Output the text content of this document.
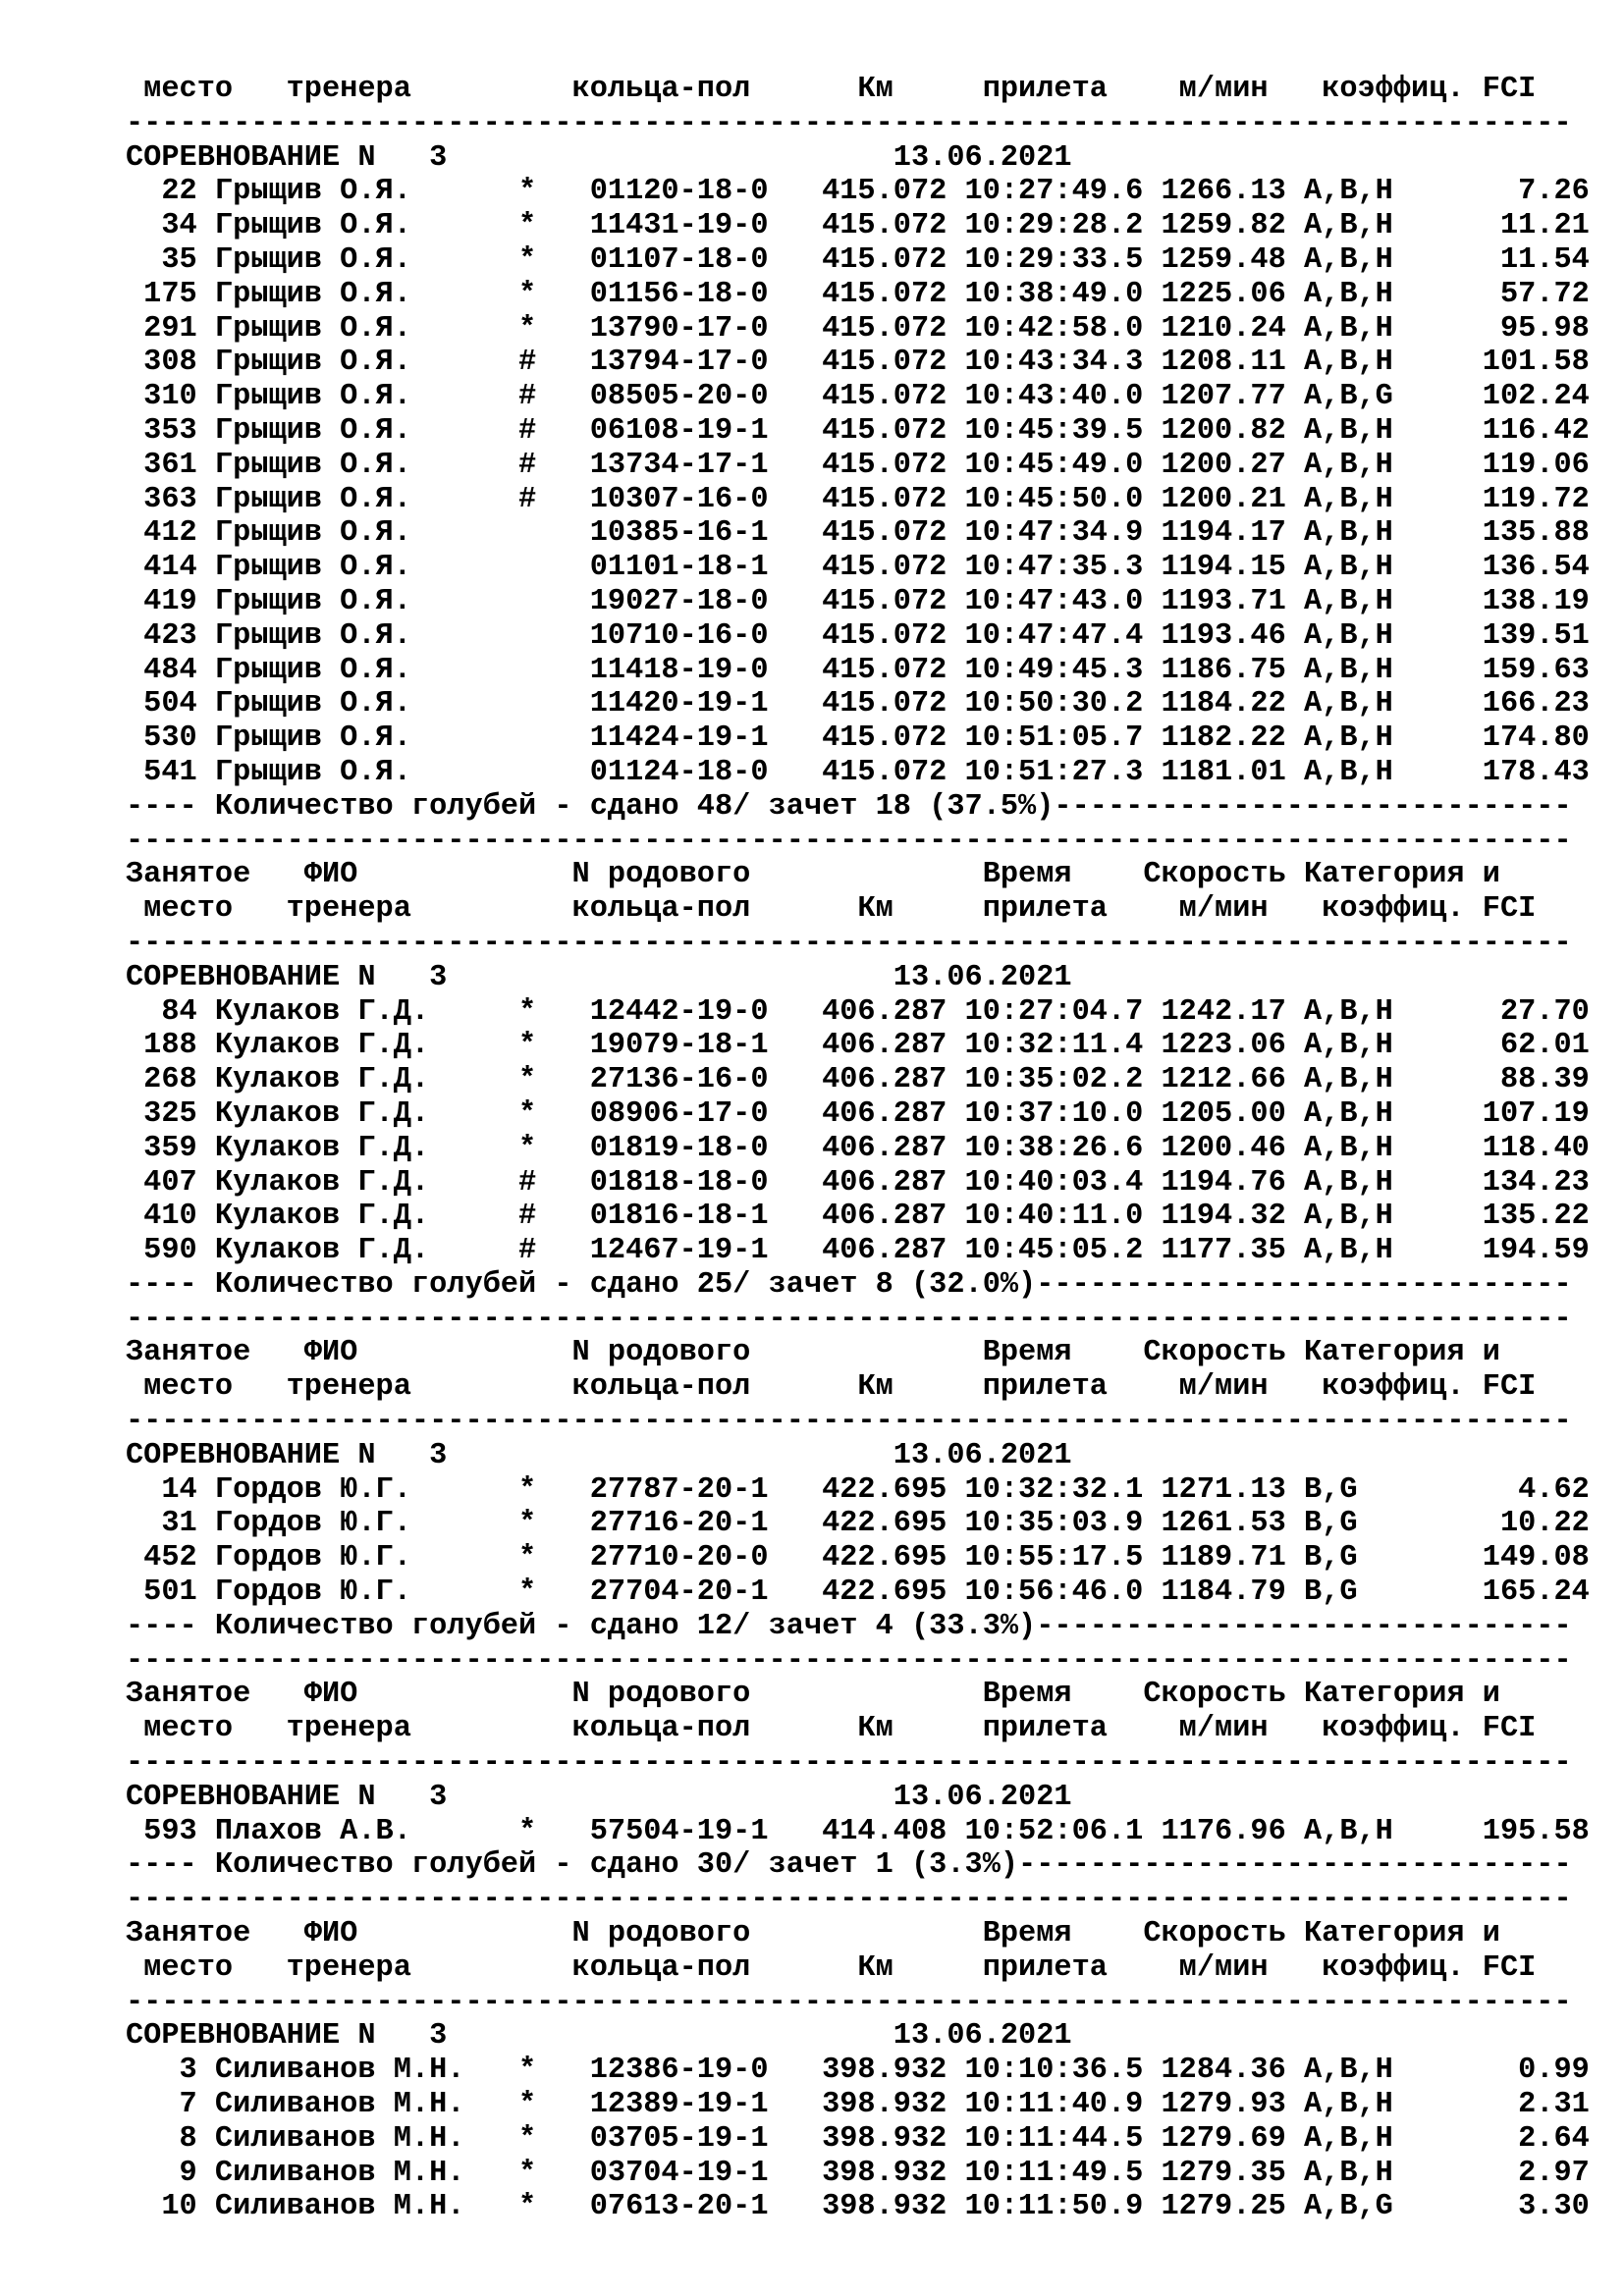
место   тренера         кольца-пол      Км     прилета    м/мин   коэффиц. FCI
---------------------------------------------------------------------------------
СОРЕВНОВАНИЕ N   3                         13.06.2021
22 Грыщив О.Я.      *   01120-18-0   415.072 10:27:49.6 1266.13 A,B,H       7.26
34 Грыщив О.Я.      *   11431-19-0   415.072 10:29:28.2 1259.82 A,B,H      11.21
35 Грыщив О.Я.      *   01107-18-0   415.072 10:29:33.5 1259.48 A,B,H      11.54
175 Грыщив О.Я.      *   01156-18-0   415.072 10:38:49.0 1225.06 A,B,H      57.72
291 Грыщив О.Я.      *   13790-17-0   415.072 10:42:58.0 1210.24 A,B,H      95.98
308 Грыщив О.Я.      #   13794-17-0   415.072 10:43:34.3 1208.11 A,B,H     101.58
310 Грыщив О.Я.      #   08505-20-0   415.072 10:43:40.0 1207.77 A,B,G     102.24
353 Грыщив О.Я.      #   06108-19-1   415.072 10:45:39.5 1200.82 A,B,H     116.42
361 Грыщив О.Я.      #   13734-17-1   415.072 10:45:49.0 1200.27 A,B,H     119.06
363 Грыщив О.Я.      #   10307-16-0   415.072 10:45:50.0 1200.21 A,B,H     119.72
412 Грыщив О.Я.          10385-16-1   415.072 10:47:34.9 1194.17 A,B,H     135.88
414 Грыщив О.Я.          01101-18-1   415.072 10:47:35.3 1194.15 A,B,H     136.54
419 Грыщив О.Я.          19027-18-0   415.072 10:47:43.0 1193.71 A,B,H     138.19
423 Грыщив О.Я.          10710-16-0   415.072 10:47:47.4 1193.46 A,B,H     139.51
484 Грыщив О.Я.          11418-19-0   415.072 10:49:45.3 1186.75 A,B,H     159.63
504 Грыщив О.Я.          11420-19-1   415.072 10:50:30.2 1184.22 A,B,H     166.23
530 Грыщив О.Я.          11424-19-1   415.072 10:51:05.7 1182.22 A,B,H     174.80
541 Грыщив О.Я.          01124-18-0   415.072 10:51:27.3 1181.01 A,B,H     178.43
---- Количество голубей - сдано 48/ зачет 18 (37.5%)-----------------------------
---------------------------------------------------------------------------------
Занятое   ФИО            N родового             Время    Скорость Категория и
место   тренера         кольца-пол      Км     прилета    м/мин   коэффиц. FCI
---------------------------------------------------------------------------------
СОРЕВНОВАНИЕ N   3                         13.06.2021
84 Кулаков Г.Д.     *   12442-19-0   406.287 10:27:04.7 1242.17 A,B,H      27.70
188 Кулаков Г.Д.     *   19079-18-1   406.287 10:32:11.4 1223.06 A,B,H      62.01
268 Кулаков Г.Д.     *   27136-16-0   406.287 10:35:02.2 1212.66 A,B,H      88.39
325 Кулаков Г.Д.     *   08906-17-0   406.287 10:37:10.0 1205.00 A,B,H     107.19
359 Кулаков Г.Д.     *   01819-18-0   406.287 10:38:26.6 1200.46 A,B,H     118.40
407 Кулаков Г.Д.     #   01818-18-0   406.287 10:40:03.4 1194.76 A,B,H     134.23
410 Кулаков Г.Д.     #   01816-18-1   406.287 10:40:11.0 1194.32 A,B,H     135.22
590 Кулаков Г.Д.     #   12467-19-1   406.287 10:45:05.2 1177.35 A,B,H     194.59
---- Количество голубей - сдано 25/ зачет 8 (32.0%)------------------------------
---------------------------------------------------------------------------------
Занятое   ФИО            N родового             Время    Скорость Категория и
место   тренера         кольца-пол      Км     прилета    м/мин   коэффиц. FCI
---------------------------------------------------------------------------------
СОРЕВНОВАНИЕ N   3                         13.06.2021
14 Гордов Ю.Г.      *   27787-20-1   422.695 10:32:32.1 1271.13 B,G         4.62
31 Гордов Ю.Г.      *   27716-20-1   422.695 10:35:03.9 1261.53 B,G        10.22
452 Гордов Ю.Г.      *   27710-20-0   422.695 10:55:17.5 1189.71 B,G       149.08
501 Гордов Ю.Г.      *   27704-20-1   422.695 10:56:46.0 1184.79 B,G       165.24
---- Количество голубей - сдано 12/ зачет 4 (33.3%)------------------------------
---------------------------------------------------------------------------------
Занятое   ФИО            N родового             Время    Скорость Категория и
место   тренера         кольца-пол      Км     прилета    м/мин   коэффиц. FCI
---------------------------------------------------------------------------------
СОРЕВНОВАНИЕ N   3                         13.06.2021
593 Плахов А.В.      *   57504-19-1   414.408 10:52:06.1 1176.96 A,B,H     195.58
---- Количество голубей - сдано 30/ зачет 1 (3.3%)-------------------------------
---------------------------------------------------------------------------------
Занятое   ФИО            N родового             Время    Скорость Категория и
место   тренера         кольца-пол      Км     прилета    м/мин   коэффиц. FCI
---------------------------------------------------------------------------------
СОРЕВНОВАНИЕ N   3                         13.06.2021
3 Силиванов М.Н.   *   12386-19-0   398.932 10:10:36.5 1284.36 A,B,H       0.99
7 Силиванов М.Н.   *   12389-19-1   398.932 10:11:40.9 1279.93 A,B,H       2.31
8 Силиванов М.Н.   *   03705-19-1   398.932 10:11:44.5 1279.69 A,B,H       2.64
9 Силиванов М.Н.   *   03704-19-1   398.932 10:11:49.5 1279.35 A,B,H       2.97
10 Силиванов М.Н.   *   07613-20-1   398.932 10:11:50.9 1279.25 A,B,G       3.30
